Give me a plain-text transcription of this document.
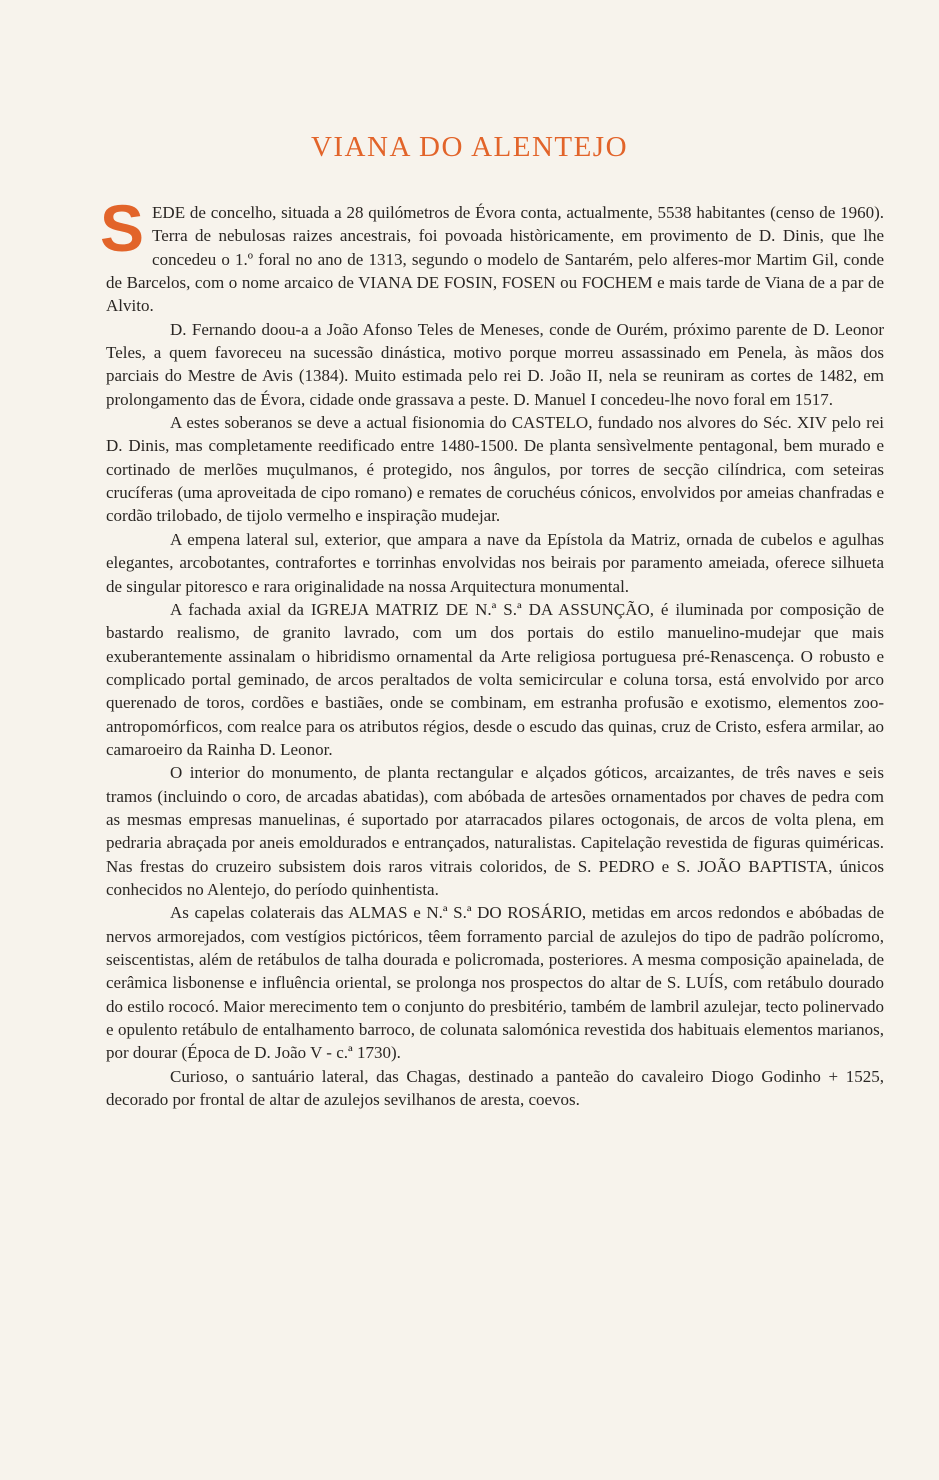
VIANA DO ALENTEJO

SEDE de concelho, situada a 28 quilómetros de Évora conta, actualmente, 5538 habitantes (censo de 1960). Terra de nebulosas raizes ancestrais, foi povoada històricamente, em provimento de D. Dinis, que lhe concedeu o 1.º foral no ano de 1313, segundo o modelo de Santarém, pelo alferes-mor Martim Gil, conde de Barcelos, com o nome arcaico de VIANA DE FOSIN, FOSEN ou FOCHEM e mais tarde de Viana de a par de Alvito.

D. Fernando doou-a a João Afonso Teles de Meneses, conde de Ourém, próximo parente de D. Leonor Teles, a quem favoreceu na sucessão dinástica, motivo porque morreu assassinado em Penela, às mãos dos parciais do Mestre de Avis (1384). Muito estimada pelo rei D. João II, nela se reuniram as cortes de 1482, em prolongamento das de Évora, cidade onde grassava a peste. D. Manuel I concedeu-lhe novo foral em 1517.

A estes soberanos se deve a actual fisionomia do CASTELO, fundado nos alvores do Séc. XIV pelo rei D. Dinis, mas completamente reedificado entre 1480-1500. De planta sensìvelmente pentagonal, bem murado e cortinado de merlões muçulmanos, é protegido, nos ângulos, por torres de secção cilíndrica, com seteiras crucíferas (uma aproveitada de cipo romano) e remates de coruchéus cónicos, envolvidos por ameias chanfradas e cordão trilobado, de tijolo vermelho e inspiração mudejar.

A empena lateral sul, exterior, que ampara a nave da Epístola da Matriz, ornada de cubelos e agulhas elegantes, arcobotantes, contrafortes e torrinhas envolvidas nos beirais por paramento ameiada, oferece silhueta de singular pitoresco e rara originalidade na nossa Arquitectura monumental.

A fachada axial da IGREJA MATRIZ DE N.ª S.ª DA ASSUNÇÃO, é iluminada por composição de bastardo realismo, de granito lavrado, com um dos portais do estilo manuelino-mudejar que mais exuberantemente assinalam o hibridismo ornamental da Arte religiosa portuguesa pré-Renascença. O robusto e complicado portal geminado, de arcos peraltados de volta semicircular e coluna torsa, está envolvido por arco querenado de toros, cordões e bastiães, onde se combinam, em estranha profusão e exotismo, elementos zoo-antropomórficos, com realce para os atributos régios, desde o escudo das quinas, cruz de Cristo, esfera armilar, ao camaroeiro da Rainha D. Leonor.

O interior do monumento, de planta rectangular e alçados góticos, arcaizantes, de três naves e seis tramos (incluindo o coro, de arcadas abatidas), com abóbada de artesões ornamentados por chaves de pedra com as mesmas empresas manuelinas, é suportado por atarracados pilares octogonais, de arcos de volta plena, em pedraria abraçada por aneis emoldurados e entrançados, naturalistas. Capitelação revestida de figuras quiméricas. Nas frestas do cruzeiro subsistem dois raros vitrais coloridos, de S. PEDRO e S. JOÃO BAPTISTA, únicos conhecidos no Alentejo, do período quinhentista.

As capelas colaterais das ALMAS e N.ª S.ª DO ROSÁRIO, metidas em arcos redondos e abóbadas de nervos armorejados, com vestígios pictóricos, têem forramento parcial de azulejos do tipo de padrão polícromo, seiscentistas, além de retábulos de talha dourada e policromada, posteriores. A mesma composição apainelada, de cerâmica lisbonense e influência oriental, se prolonga nos prospectos do altar de S. LUÍS, com retábulo dourado do estilo rococó. Maior merecimento tem o conjunto do presbitério, também de lambril azulejar, tecto polinervado e opulento retábulo de entalhamento barroco, de colunata salomónica revestida dos habituais elementos marianos, por dourar (Época de D. João V - c.ª 1730).

Curioso, o santuário lateral, das Chagas, destinado a panteão do cavaleiro Diogo Godinho + 1525, decorado por frontal de altar de azulejos sevilhanos de aresta, coevos.
